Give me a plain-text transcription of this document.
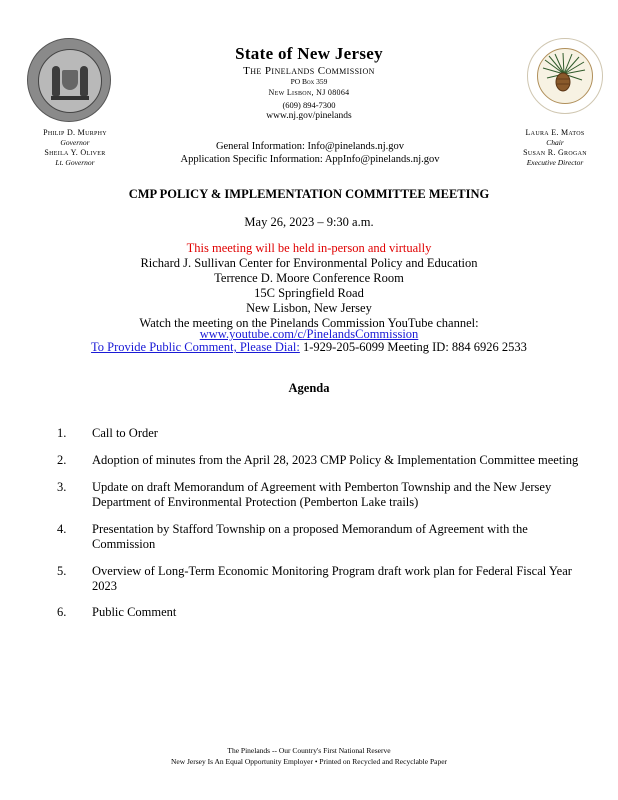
State of New Jersey
The Pinelands Commission
PO Box 359
New Lisbon, NJ 08064
(609) 894-7300
www.nj.gov/pinelands
Philip D. Murphy
Governor
Sheila Y. Oliver
Lt. Governor
Laura E. Matos
Chair
Susan R. Grogan
Executive Director
General Information: Info@pinelands.nj.gov
Application Specific Information: AppInfo@pinelands.nj.gov
CMP POLICY & IMPLEMENTATION COMMITTEE MEETING
May 26, 2023 – 9:30 a.m.
This meeting will be held in-person and virtually
Richard J. Sullivan Center for Environmental Policy and Education
Terrence D. Moore Conference Room
15C Springfield Road
New Lisbon, New Jersey
Watch the meeting on the Pinelands Commission YouTube channel:
www.youtube.com/c/PinelandsCommission
To Provide Public Comment, Please Dial: 1-929-205-6099 Meeting ID: 884 6926 2533
Agenda
1. Call to Order
2. Adoption of minutes from the April 28, 2023 CMP Policy & Implementation Committee meeting
3. Update on draft Memorandum of Agreement with Pemberton Township and the New Jersey Department of Environmental Protection (Pemberton Lake trails)
4. Presentation by Stafford Township on a proposed Memorandum of Agreement with the Commission
5. Overview of Long-Term Economic Monitoring Program draft work plan for Federal Fiscal Year 2023
6. Public Comment
The Pinelands -- Our Country's First National Reserve
New Jersey Is An Equal Opportunity Employer • Printed on Recycled and Recyclable Paper
